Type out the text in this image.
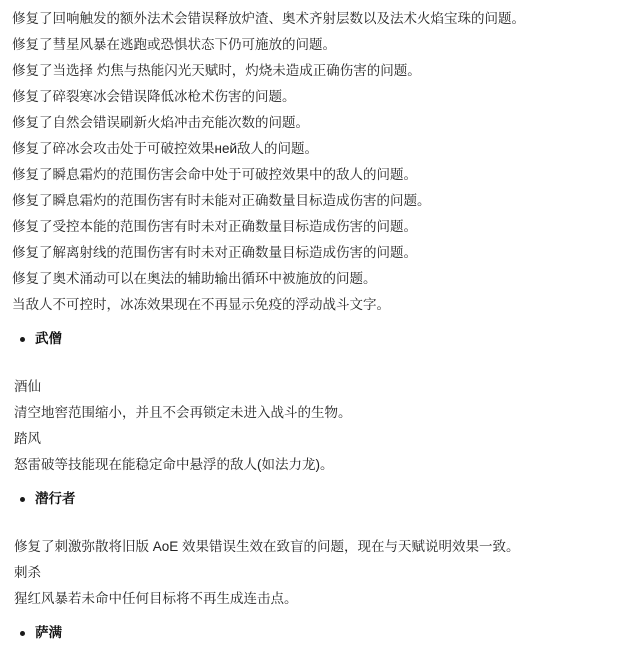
修复了回响触发的额外法术会错误释放炉渣、奥术齐射层数以及法术火焰宝珠的问题。
修复了彗星风暴在逃跑或恐惧状态下仍可施放的问题。
修复了当选择 灼焦与热能闪光天赋时，灼烧未造成正确伤害的问题。
修复了碎裂寒冰会错误降低冰枪术伤害的问题。
修复了自然会错误刷新火焰冲击充能次数的问题。
修复了碎冰会攻击处于可破控效果ней敌人的问题。
修复了瞬息霜灼的范围伤害会命中处于可破控效果中的敌人的问题。
修复了瞬息霜灼的范围伤害有时未能对正确数量目标造成伤害的问题。
修复了受控本能的范围伤害有时未对正确数量目标造成伤害的问题。
修复了解离射线的范围伤害有时未对正确数量目标造成伤害的问题。
修复了奥术涌动可以在奥法的辅助输出循环中被施放的问题。
当敌人不可控时，冰冻效果现在不再显示免疫的浮动战斗文字。
武僧
酒仙
清空地窖范围缩小，并且不会再锁定未进入战斗的生物。
踏风
怒雷破等技能现在能稳定命中悬浮的敌人(如法力龙)。
潜行者
修复了刺激弥散将旧版 AoE 效果错误生效在致盲的问题，现在与天赋说明效果一致。
刺杀
猩红风暴若未命中任何目标将不再生成连击点。
萨满
